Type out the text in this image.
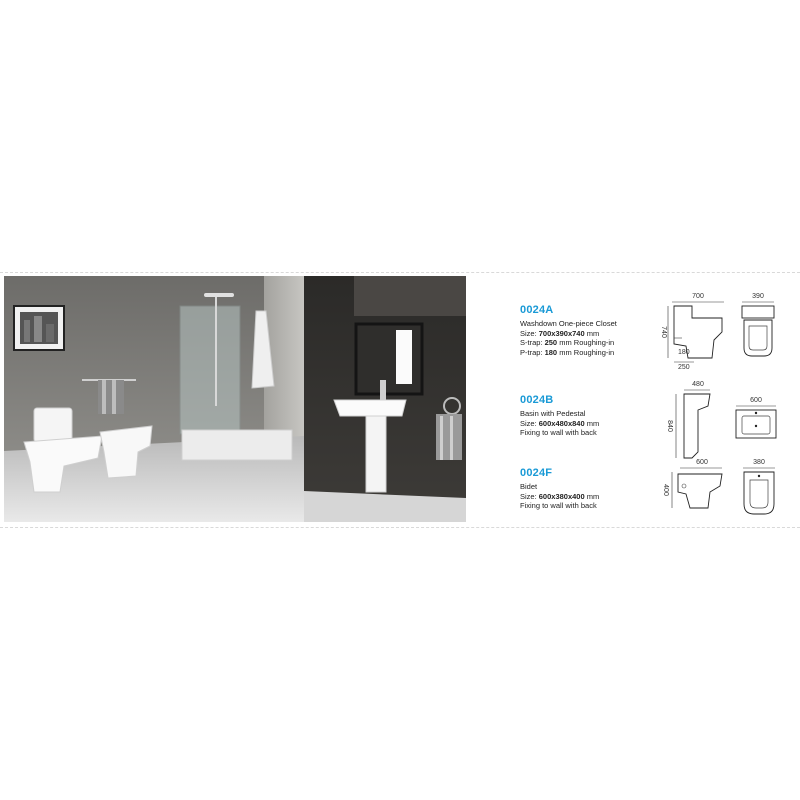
0024A
Washdown One-piece Closet
Size: 700x390x740 mm
S-trap: 250 mm Roughing-in
P-trap: 180 mm Roughing-in
0024B
Basin with Pedestal
Size: 600x480x840 mm
Fixing to wall with back
0024F
Bidet
Size: 600x380x400 mm
Fixing to wall with back
700
740
180
250
390
480
840
600
600
400
380
